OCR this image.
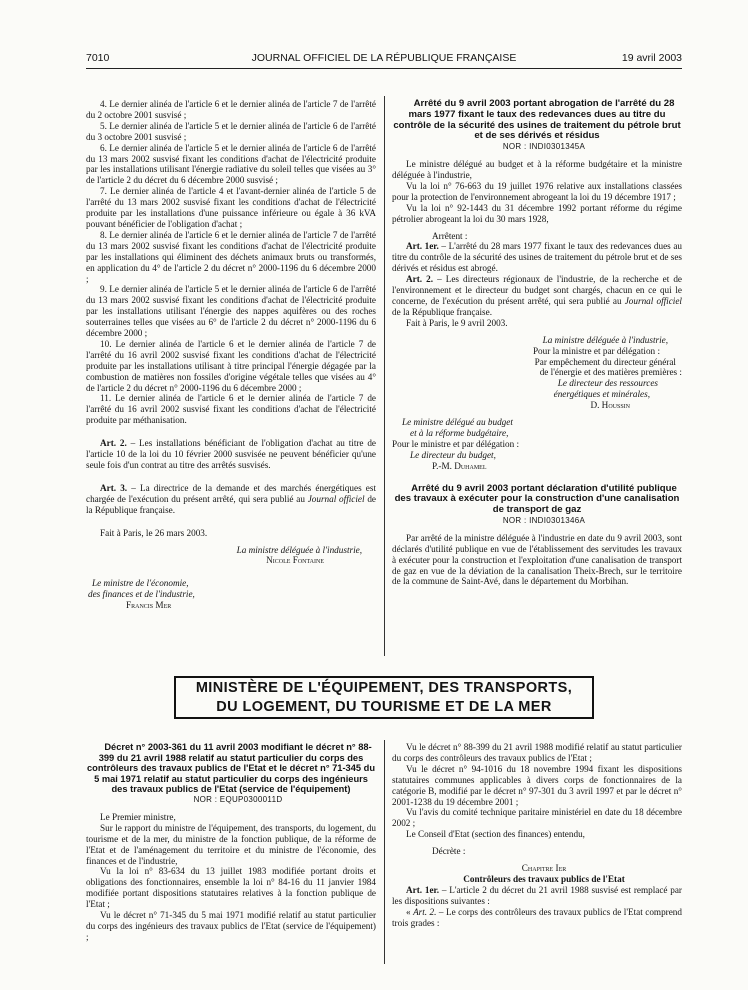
7010	JOURNAL OFFICIEL DE LA RÉPUBLIQUE FRANÇAISE	19 avril 2003

4. Le dernier alinéa de l'article 6 et le dernier alinéa de l'article 7 de l'arrêté du 2 octobre 2001 susvisé ;

5. Le dernier alinéa de l'article 5 et le dernier alinéa de l'article 6 de l'arrêté du 3 octobre 2001 susvisé ;

6. Le dernier alinéa de l'article 5 et le dernier alinéa de l'article 6 de l'arrêté du 13 mars 2002 susvisé fixant les conditions d'achat de l'électricité produite par les installations utilisant l'énergie radiative du soleil telles que visées au 3° de l'article 2 du décret du 6 décembre 2000 susvisé ;

7. Le dernier alinéa de l'article 4 et l'avant-dernier alinéa de l'article 5 de l'arrêté du 13 mars 2002 susvisé fixant les conditions d'achat de l'électricité produite par les installations d'une puissance inférieure ou égale à 36 kVA pouvant bénéficier de l'obligation d'achat ;

8. Le dernier alinéa de l'article 6 et le dernier alinéa de l'article 7 de l'arrêté du 13 mars 2002 susvisé fixant les conditions d'achat de l'électricité produite par les installations qui éliminent des déchets animaux bruts ou transformés, en application du 4° de l'article 2 du décret n° 2000-1196 du 6 décembre 2000 ;

9. Le dernier alinéa de l'article 5 et le dernier alinéa de l'article 6 de l'arrêté du 13 mars 2002 susvisé fixant les conditions d'achat de l'électricité produite par les installations utilisant l'énergie des nappes aquifères ou des roches souterraines telles que visées au 6° de l'article 2 du décret n° 2000-1196 du 6 décembre 2000 ;

10. Le dernier alinéa de l'article 6 et le dernier alinéa de l'article 7 de l'arrêté du 16 avril 2002 susvisé fixant les conditions d'achat de l'électricité produite par les installations utilisant à titre principal l'énergie dégagée par la combustion de matières non fossiles d'origine végétale telles que visées au 4° de l'article 2 du décret n° 2000-1196 du 6 décembre 2000 ;

11. Le dernier alinéa de l'article 6 et le dernier alinéa de l'article 7 de l'arrêté du 16 avril 2002 susvisé fixant les conditions d'achat de l'électricité produite par méthanisation.

Art. 2. – Les installations bénéficiant de l'obligation d'achat au titre de l'article 10 de la loi du 10 février 2000 susvisée ne peuvent bénéficier qu'une seule fois d'un contrat au titre des arrêtés susvisés.

Art. 3. – La directrice de la demande et des marchés énergétiques est chargée de l'exécution du présent arrêté, qui sera publié au Journal officiel de la République française.

Fait à Paris, le 26 mars 2003.

La ministre déléguée à l'industrie,

Nicole Fontaine

Le ministre de l'économie,

des finances et de l'industrie,

Francis Mer

Arrêté du 9 avril 2003 portant abrogation de l'arrêté du 28 mars 1977 fixant le taux des redevances dues au titre du contrôle de la sécurité des usines de traitement du pétrole brut et de ses dérivés et résidus

NOR : INDI0301345A

Le ministre délégué au budget et à la réforme budgétaire et la ministre déléguée à l'industrie,

Vu la loi n° 76-663 du 19 juillet 1976 relative aux installations classées pour la protection de l'environnement abrogeant la loi du 19 décembre 1917 ;

Vu la loi n° 92-1443 du 31 décembre 1992 portant réforme du régime pétrolier abrogeant la loi du 30 mars 1928,

Arrêtent :

Art. 1er. – L'arrêté du 28 mars 1977 fixant le taux des redevances dues au titre du contrôle de la sécurité des usines de traitement du pétrole brut et de ses dérivés et résidus est abrogé.

Art. 2. – Les directeurs régionaux de l'industrie, de la recherche et de l'environnement et le directeur du budget sont chargés, chacun en ce qui le concerne, de l'exécution du présent arrêté, qui sera publié au Journal officiel de la République française.

Fait à Paris, le 9 avril 2003.

La ministre déléguée à l'industrie,

Pour la ministre et par délégation :

Par empêchement du directeur général

de l'énergie et des matières premières :

Le directeur des ressources

énergétiques et minérales,

D. Houssin

Le ministre délégué au budget

et à la réforme budgétaire,

Pour le ministre et par délégation :

Le directeur du budget,

P.-M. Duhamel

Arrêté du 9 avril 2003 portant déclaration d'utilité publique des travaux à exécuter pour la construction d'une canalisation de transport de gaz

NOR : INDI0301346A

Par arrêté de la ministre déléguée à l'industrie en date du 9 avril 2003, sont déclarés d'utilité publique en vue de l'établissement des servitudes les travaux à exécuter pour la construction et l'exploitation d'une canalisation de transport de gaz en vue de la déviation de la canalisation Theix-Brech, sur le territoire de la commune de Saint-Avé, dans le département du Morbihan.

MINISTÈRE DE L'ÉQUIPEMENT, DES TRANSPORTS,
DU LOGEMENT, DU TOURISME ET DE LA MER

Décret n° 2003-361 du 11 avril 2003 modifiant le décret n° 88-399 du 21 avril 1988 relatif au statut particulier du corps des contrôleurs des travaux publics de l'Etat et le décret n° 71-345 du 5 mai 1971 relatif au statut particulier du corps des ingénieurs des travaux publics de l'Etat (service de l'équipement)

NOR : EQUP0300011D

Le Premier ministre,

Sur le rapport du ministre de l'équipement, des transports, du logement, du tourisme et de la mer, du ministre de la fonction publique, de la réforme de l'Etat et de l'aménagement du territoire et du ministre de l'économie, des finances et de l'industrie,

Vu la loi n° 83-634 du 13 juillet 1983 modifiée portant droits et obligations des fonctionnaires, ensemble la loi n° 84-16 du 11 janvier 1984 modifiée portant dispositions statutaires relatives à la fonction publique de l'Etat ;

Vu le décret n° 71-345 du 5 mai 1971 modifié relatif au statut particulier du corps des ingénieurs des travaux publics de l'Etat (service de l'équipement) ;

Vu le décret n° 88-399 du 21 avril 1988 modifié relatif au statut particulier du corps des contrôleurs des travaux publics de l'Etat ;

Vu le décret n° 94-1016 du 18 novembre 1994 fixant les dispositions statutaires communes applicables à divers corps de fonctionnaires de la catégorie B, modifié par le décret n° 97-301 du 3 avril 1997 et par le décret n° 2001-1238 du 19 décembre 2001 ;

Vu l'avis du comité technique paritaire ministériel en date du 18 décembre 2002 ;

Le Conseil d'Etat (section des finances) entendu,

Décrète :

Chapitre Ier

Contrôleurs des travaux publics de l'Etat

Art. 1er. – L'article 2 du décret du 21 avril 1988 susvisé est remplacé par les dispositions suivantes :

« Art. 2. – Le corps des contrôleurs des travaux publics de l'Etat comprend trois grades :
